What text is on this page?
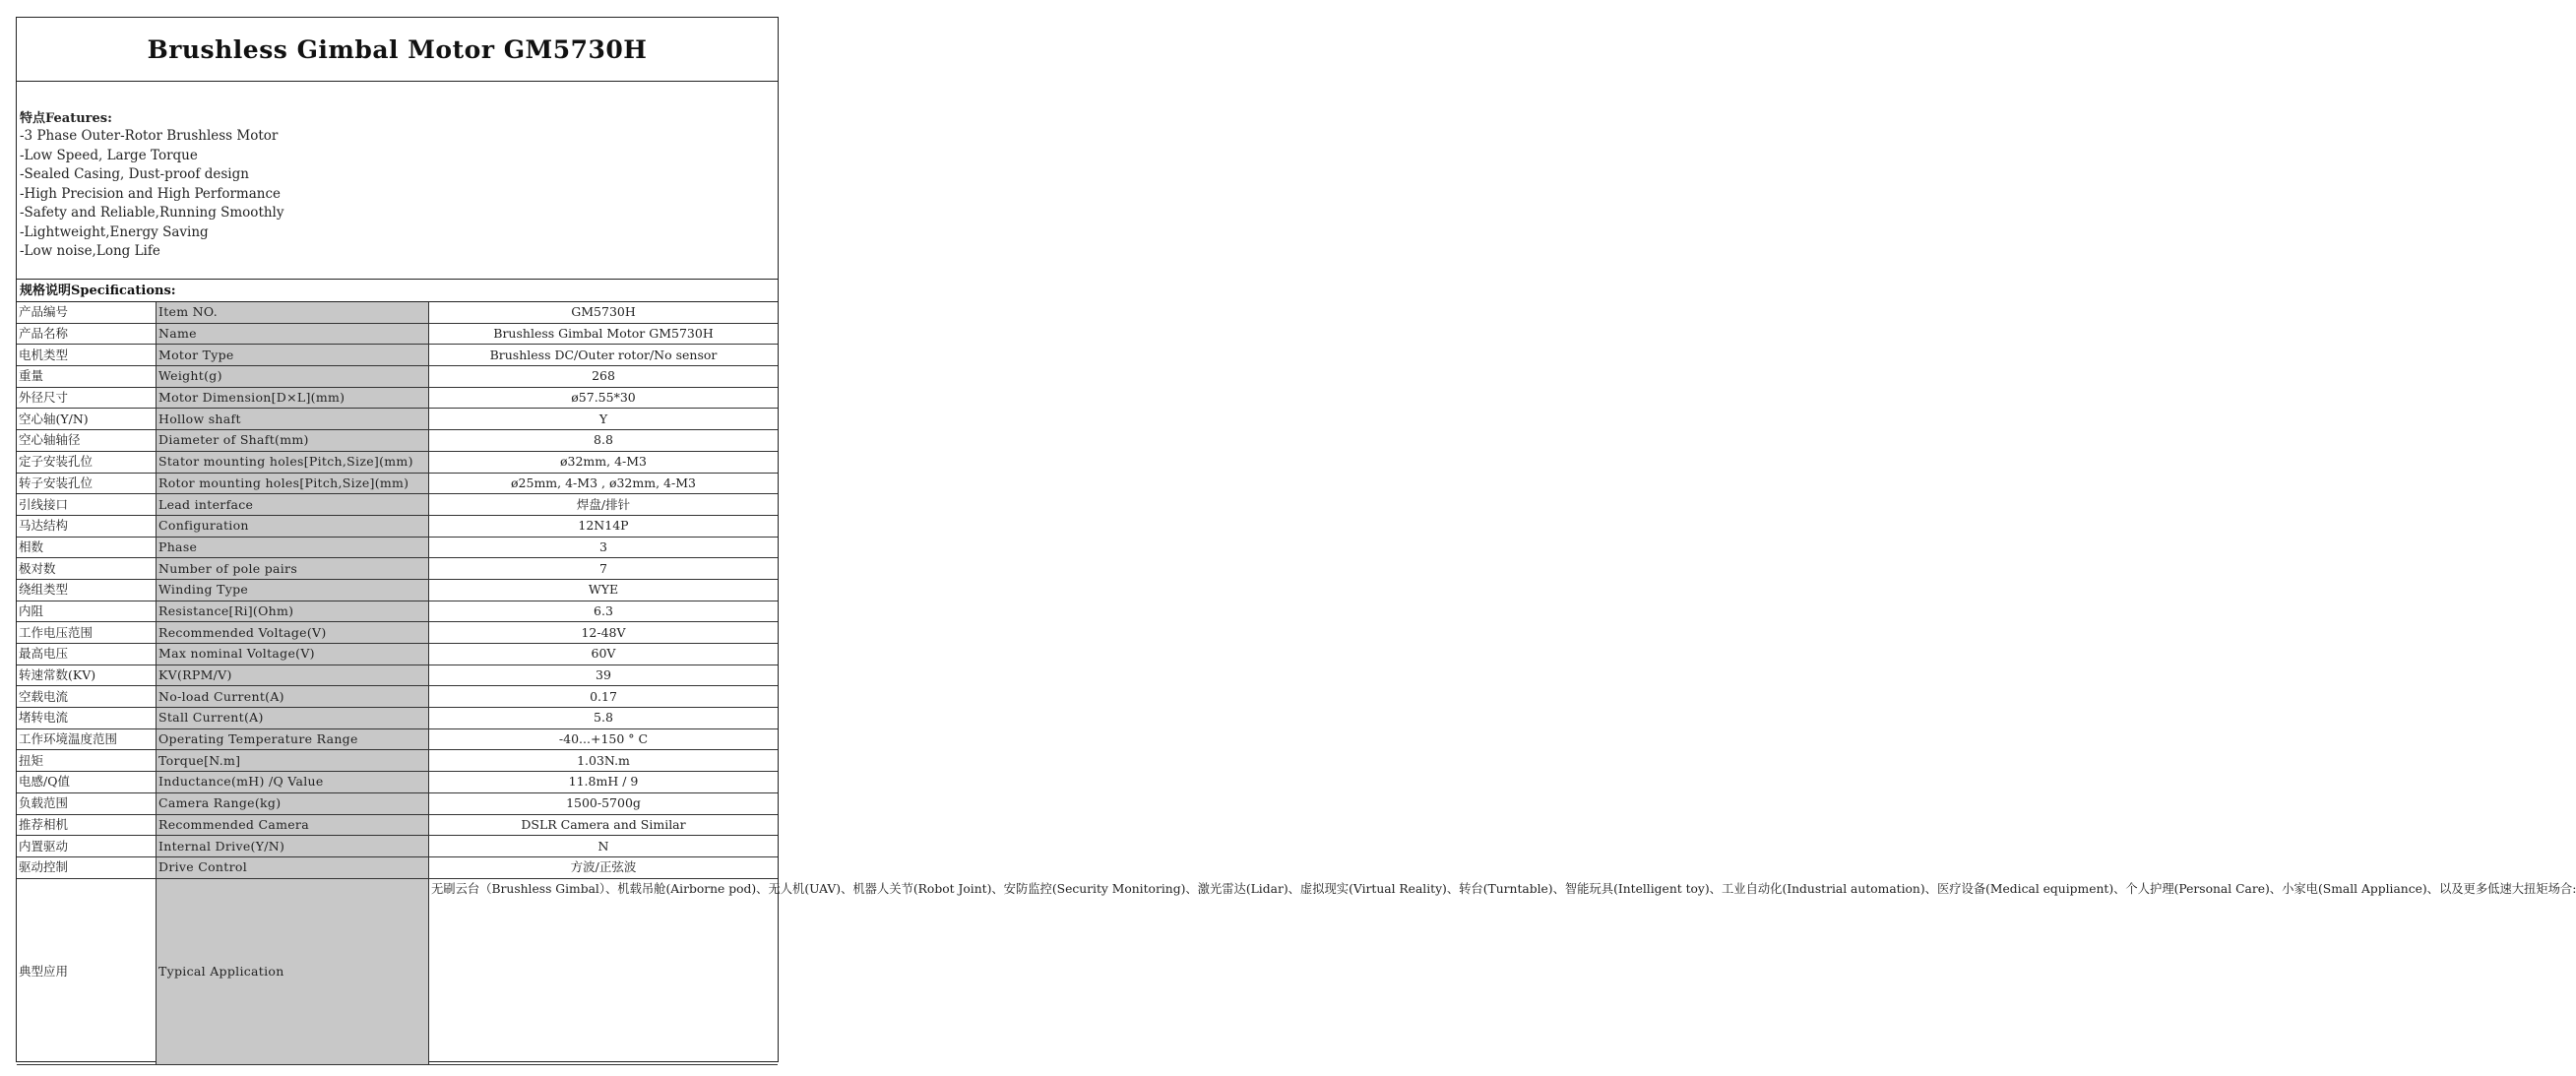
Brushless Gimbal Motor GM5730H
特点Features:
-3 Phase Outer-Rotor Brushless Motor
-Low Speed, Large Torque
-Sealed Casing, Dust-proof design
-High Precision and High Performance
-Safety and Reliable,Running Smoothly
-Lightweight,Energy Saving
-Low noise,Long Life
规格说明Specifications:
产品编号	Item NO.	GM5730H
产品名称	Name	Brushless Gimbal Motor GM5730H
电机类型	Motor Type	Brushless DC/Outer rotor/No sensor
重量	Weight(g)	268
外径尺寸	Motor Dimension[D×L](mm)	ø57.55*30
空心轴(Y/N)	Hollow shaft	Y
空心轴轴径	Diameter of Shaft(mm)	8.8
定子安装孔位	Stator mounting holes[Pitch,Size](mm)	ø32mm, 4-M3
转子安装孔位	Rotor mounting holes[Pitch,Size](mm)	ø25mm, 4-M3 , ø32mm, 4-M3
引线接口	Lead interface	焊盘/排针
马达结构	Configuration	12N14P
相数	Phase	3
极对数	Number of pole pairs	7
绕组类型	Winding Type	WYE
内阻	Resistance[Ri](Ohm)	6.3
工作电压范围	Recommended Voltage(V)	12-48V
最高电压	Max nominal Voltage(V)	60V
转速常数(KV)	KV(RPM/V)	39
空载电流	No-load Current(A)	0.17
堵转电流	Stall Current(A)	5.8
工作环境温度范围	Operating Temperature Range	-40...+150 ° C
扭矩	Torque[N.m]	1.03N.m
电感/Q值	Inductance(mH) /Q Value	11.8mH / 9
负载范围	Camera Range(kg)	1500-5700g
推荐相机	Recommended Camera	DSLR Camera and Similar
内置驱动	Internal Drive(Y/N)	N
驱动控制	Drive Control	方波/正弦波
典型应用	Typical Application	无刷云台（Brushless Gimbal）、机载吊舱(Airborne pod)、无人机(UAV)、机器人关节(Robot Joint)、安防监控(Security Monitoring)、激光雷达(Lidar)、虚拟现实(Virtual Reality)、转台(Turntable)、智能玩具(Intelligent toy)、工业自动化(Industrial automation)、医疗设备(Medical equipment)、个人护理(Personal Care)、小家电(Small Appliance)、以及更多低速大扭矩场合:
